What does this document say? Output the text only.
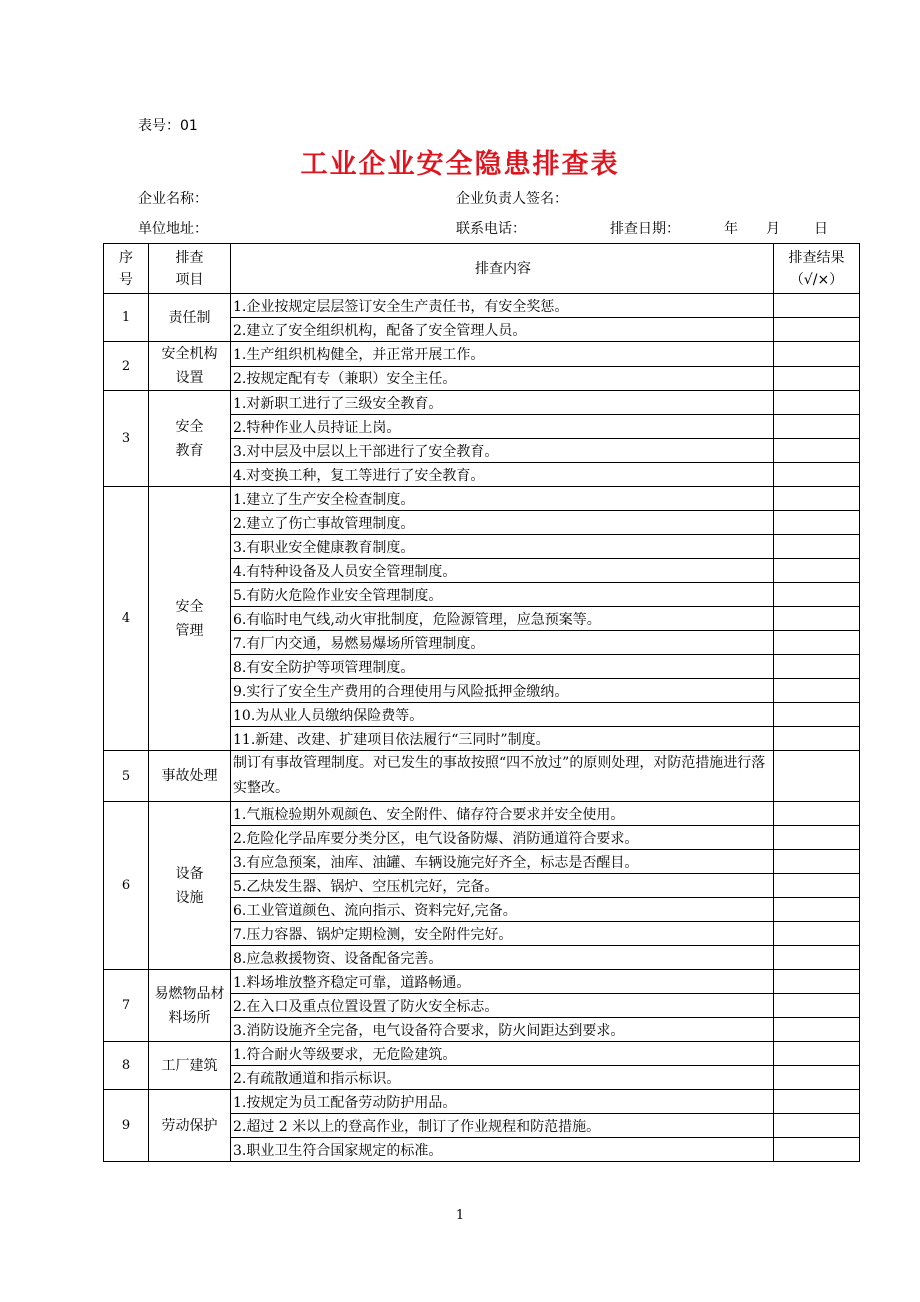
表号：01
工业企业安全隐患排查表
企业名称：	企业负责人签名：
单位地址：	联系电话：	排查日期：	年 月 日
序号	排查项目	排查内容	排查结果（√/×）
1	责任制	1.企业按规定层层签订安全生产责任书，有安全奖惩。	
		2.建立了安全组织机构，配备了安全管理人员。	
2	安全机构设置	1.生产组织机构健全，并正常开展工作。	
		2.按规定配有专（兼职）安全主任。	
3	安全教育	1.对新职工进行了三级安全教育。	
		2.特种作业人员持证上岗。	
		3.对中层及中层以上干部进行了安全教育。	
		4.对变换工种，复工等进行了安全教育。	
4	安全管理	1.建立了生产安全检查制度。	
		2.建立了伤亡事故管理制度。	
		3.有职业安全健康教育制度。	
		4.有特种设备及人员安全管理制度。	
		5.有防火危险作业安全管理制度。	
		6.有临时电气线,动火审批制度，危险源管理，应急预案等。	
		7.有厂内交通，易燃易爆场所管理制度。	
		8.有安全防护等项管理制度。	
		9.实行了安全生产费用的合理使用与风险抵押金缴纳。	
		10.为从业人员缴纳保险费等。	
		11.新建、改建、扩建项目依法履行“三同时”制度。	
5	事故处理	制订有事故管理制度。对已发生的事故按照“四不放过”的原则处理，对防范措施进行落实整改。	
6	设备设施	1.气瓶检验期外观颜色、安全附件、储存符合要求并安全使用。	
		2.危险化学品库要分类分区，电气设备防爆、消防通道符合要求。	
		3.有应急预案，油库、油罐、车辆设施完好齐全，标志是否醒目。	
		5.乙炔发生器、锅炉、空压机完好，完备。	
		6.工业管道颜色、流向指示、资料完好,完备。	
		7.压力容器、锅炉定期检测，安全附件完好。	
		8.应急救援物资、设备配备完善。	
7	易燃物品材料场所	1.料场堆放整齐稳定可靠，道路畅通。	
		2.在入口及重点位置设置了防火安全标志。	
		3.消防设施齐全完备，电气设备符合要求，防火间距达到要求。	
8	工厂建筑	1.符合耐火等级要求，无危险建筑。	
		2.有疏散通道和指示标识。	
9	劳动保护	1.按规定为员工配备劳动防护用品。	
		2.超过 2 米以上的登高作业，制订了作业规程和防范措施。	
		3.职业卫生符合国家规定的标准。	
1
